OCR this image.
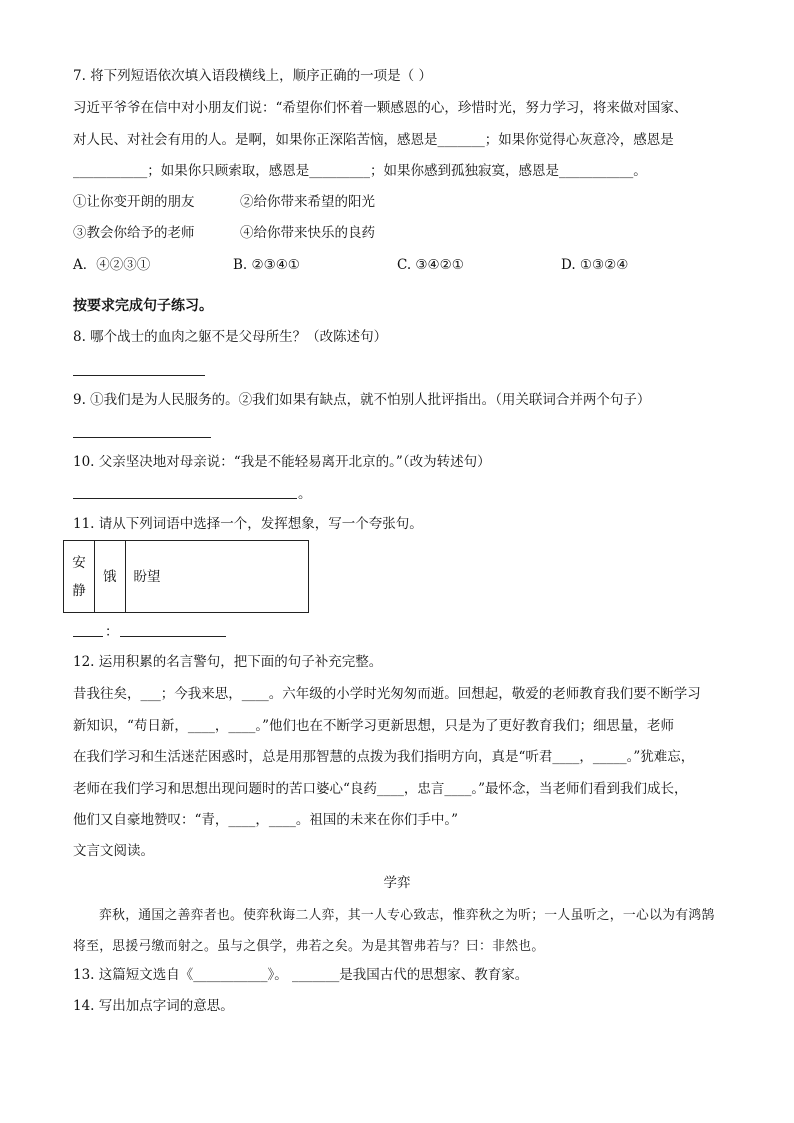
7. 将下列短语依次填入语段横线上，顺序正确的一项是（ ）
习近平爷爷在信中对小朋友们说：“希望你们怀着一颗感恩的心，珍惜时光，努力学习，将来做对国家、
对人民、对社会有用的人。是啊，如果你正深陷苦恼，感恩是_______；如果你觉得心灰意冷，感恩是
___________；如果你只顾索取，感恩是_________；如果你感到孤独寂寞，感恩是___________。
①让你变开朗的朋友	②给你带来希望的阳光
③教会你给予的老师	④给你带来快乐的良药
A．④②③①	B. ②③④①	C. ③④②①	D. ①③②④
按要求完成句子练习。
8. 哪个战士的血肉之躯不是父母所生？（改陈述句）
9. ①我们是为人民服务的。②我们如果有缺点，就不怕别人批评指出。（用关联词合并两个句子）
10. 父亲坚决地对母亲说：“我是不能轻易离开北京的。”（改为转述句）
。
11. 请从下列词语中选择一个，发挥想象，写一个夸张句。
安
静	饿	盼望
：
12. 运用积累的名言警句，把下面的句子补充完整。
昔我往矣，___；今我来思，____。六年级的小学时光匆匆而逝。回想起，敬爱的老师教育我们要不断学习
新知识，“苟日新，____，____。”他们也在不断学习更新思想，只是为了更好教育我们；细思量，老师
在我们学习和生活迷茫困惑时，总是用那智慧的点拨为我们指明方向，真是“听君____，_____。”犹难忘，
老师在我们学习和思想出现问题时的苦口婆心“良药____，忠言____。”最怀念，当老师们看到我们成长，
他们又自豪地赞叹：“青，____，____。祖国的未来在你们手中。”
文言文阅读。
学弈
弈秋，通国之善弈者也。使弈秋诲二人弈，其一人专心致志，惟弈秋之为听；一人虽听之，一心以为有鸿鹄将至，思援弓缴而射之。虽与之俱学，弗若之矣。为是其智弗若与？曰：非然也。
13. 这篇短文选自《___________》。 _______是我国古代的思想家、教育家。
14. 写出加点字词的意思。
